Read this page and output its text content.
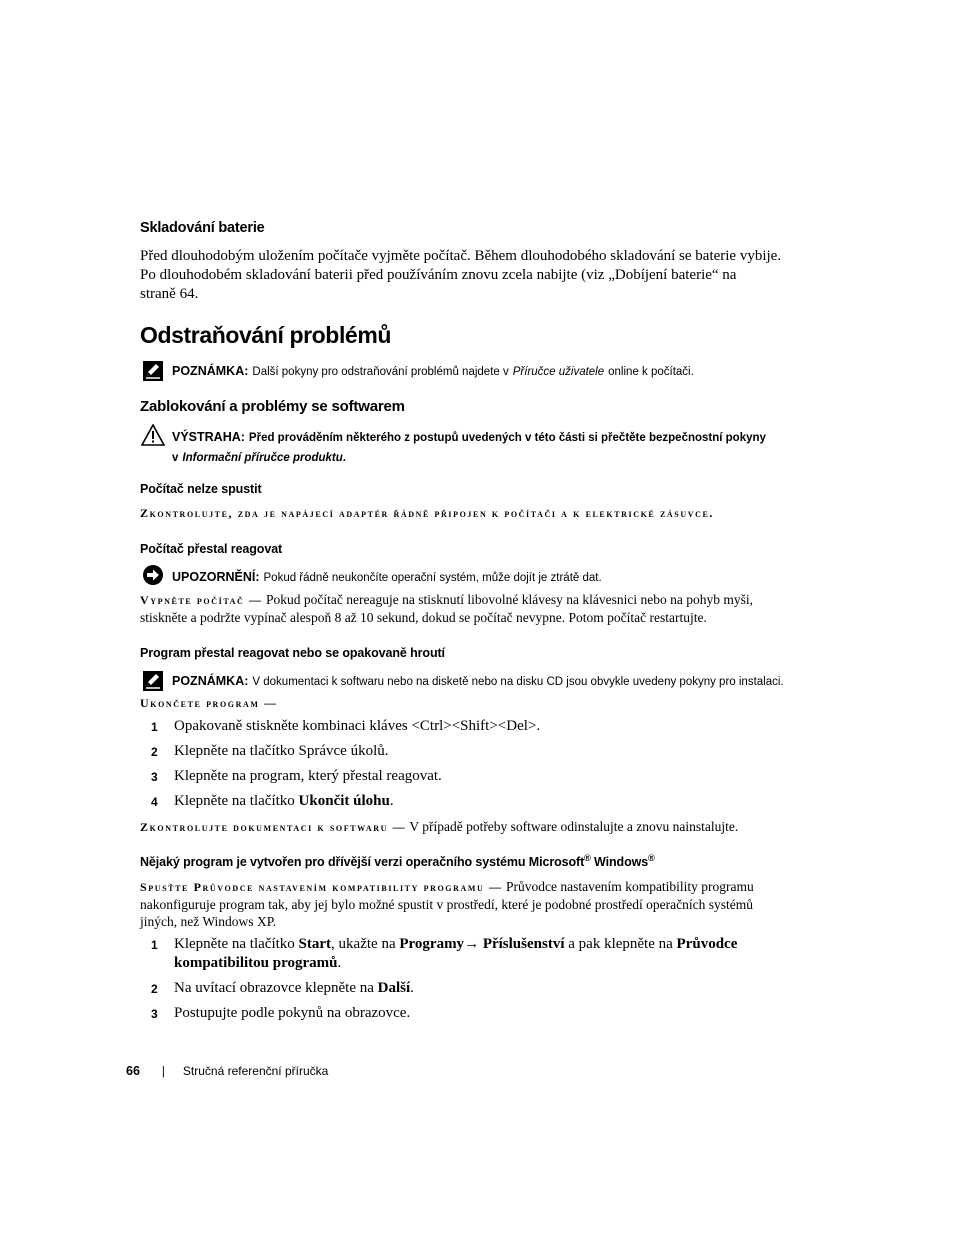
Skladování baterie
Před dlouhodobým uložením počítače vyjměte počítač. Během dlouhodobého skladování se baterie vybije.
Po dlouhodobém skladování baterii před používáním znovu zcela nabijte (viz „Dobíjení baterie“ na
straně 64.
Odstraňování problémů
POZNÁMKA: Další pokyny pro odstraňování problémů najdete v Příručce uživatele online k počítači.
Zablokování a problémy se softwarem
VÝSTRAHA: Před prováděním některého z postupů uvedených v této části si přečtěte bezpečnostní pokyny
v Informační příručce produktu.
Počítač nelze spustit
Zkontrolujte, zda je napájecí adaptér řádně připojen k počítači a k elektrické zásuvce.
Počítač přestal reagovat
UPOZORNĚNÍ: Pokud řádně neukončíte operační systém, může dojít je ztrátě dat.
Vypněte počítač — Pokud počítač nereaguje na stisknutí libovolné klávesy na klávesnici nebo na pohyb myši,
stiskněte a podržte vypínač alespoň 8 až 10 sekund, dokud se počítač nevypne. Potom počítač restartujte.
Program přestal reagovat nebo se opakovaně hroutí
POZNÁMKA: V dokumentaci k softwaru nebo na disketě nebo na disku CD jsou obvykle uvedeny pokyny pro instalaci.
Ukončete program —
1 Opakovaně stiskněte kombinaci kláves <Ctrl><Shift><Del>.
2 Klepněte na tlačítko Správce úkolů.
3 Klepněte na program, který přestal reagovat.
4 Klepněte na tlačítko Ukončit úlohu.
Zkontrolujte dokumentaci k softwaru — V případě potřeby software odinstalujte a znovu nainstalujte.
Nějaký program je vytvořen pro dřívější verzi operačního systému Microsoft® Windows®
Spusťte Průvodce nastavením kompatibility programu — Průvodce nastavením kompatibility programu
nakonfiguruje program tak, aby jej bylo možné spustit v prostředí, které je podobné prostředí operačních systémů
jiných, než Windows XP.
1 Klepněte na tlačítko Start, ukažte na Programy→ Příslušenství a pak klepněte na Průvodce
kompatibilitou programů.
2 Na uvítací obrazovce klepněte na Další.
3 Postupujte podle pokynů na obrazovce.
66 | Stručná referenční příručka
